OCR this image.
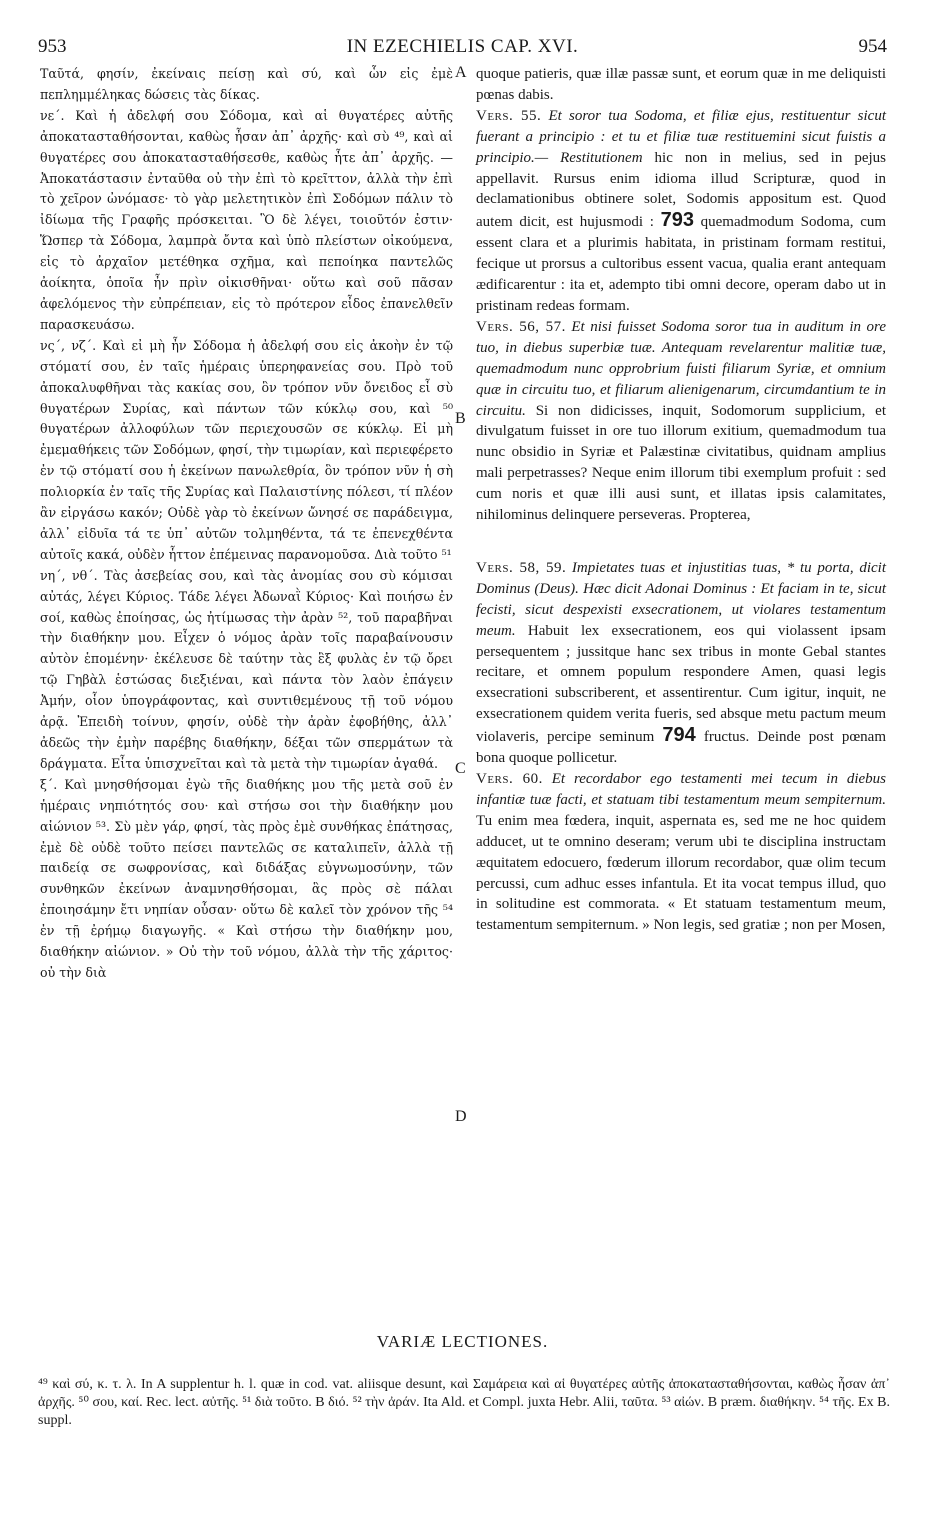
953	IN EZECHIELIS CAP. XVI.	954

Ταῦτά, φησίν, ἐκείναις πείσῃ καὶ σύ, καὶ ὧν εἰς ἐμὲ πεπλημμέληκας δώσεις τὰς δίκας.

νε΄. Καὶ ἡ ἀδελφή σου Σόδομα, καὶ αἱ θυγατέρες αὐτῆς ἀποκατασταθήσονται, καθὼς ἦσαν ἀπ᾽ ἀρχῆς· καὶ σὺ ⁴⁹, καὶ αἱ θυγατέρες σου ἀποκατασταθήσεσθε, καθὼς ἦτε ἀπ᾽ ἀρχῆς. — Ἀποκατάστασιν ἐνταῦθα οὐ τὴν ἐπὶ τὸ κρεῖττον, ἀλλὰ τὴν ἐπὶ τὸ χεῖρον ὠνόμασε· τὸ γὰρ μελετητικὸν ἐπὶ Σοδόμων πάλιν τὸ ἰδίωμα τῆς Γραφῆς πρόσκειται. Ὃ δὲ λέγει, τοιοῦτόν ἐστιν· Ὥσπερ τὰ Σόδομα, λαμπρὰ ὄντα καὶ ὑπὸ πλείστων οἰκούμενα, εἰς τὸ ἀρχαῖον μετέθηκα σχῆμα, καὶ πεποίηκα παντελῶς ἀοίκητα, ὁποῖα ἦν πρὶν οἰκισθῆναι· οὕτω καὶ σοῦ πᾶσαν ἀφελόμενος τὴν εὐπρέπειαν, εἰς τὸ πρότερον εἶδος ἐπανελθεῖν παρασκευάσω.

νς΄, νζ΄. Καὶ εἰ μὴ ἦν Σόδομα ἡ ἀδελφή σου εἰς ἀκοὴν ἐν τῷ στόματί σου, ἐν ταῖς ἡμέραις ὑπερηφανείας σου. Πρὸ τοῦ ἀποκαλυφθῆναι τὰς κακίας σου, ὃν τρόπον νῦν ὄνειδος εἶ σὺ θυγατέρων Συρίας, καὶ πάντων τῶν κύκλῳ σου, καὶ ⁵⁰ θυγατέρων ἀλλοφύλων τῶν περιεχουσῶν σε κύκλῳ. Εἰ μὴ ἐμεμαθήκεις τῶν Σοδόμων, φησί, τὴν τιμωρίαν, καὶ περιεφέρετο ἐν τῷ στόματί σου ἡ ἐκείνων πανωλεθρία, ὃν τρόπον νῦν ἡ σὴ πολιορκία ἐν ταῖς τῆς Συρίας καὶ Παλαιστίνης πόλεσι, τί πλέον ἂν εἰργάσω κακόν; Οὐδὲ γὰρ τὸ ἐκείνων ὤνησέ σε παράδειγμα, ἀλλ᾽ εἰδυῖα τά τε ὑπ᾽ αὐτῶν τολμηθέντα, τά τε ἐπενεχθέντα αὐτοῖς κακά, οὐδὲν ἧττον ἐπέμεινας παρανομοῦσα. Διὰ τοῦτο ⁵¹

νη΄, νθ΄. Τὰς ἀσεβείας σου, καὶ τὰς ἀνομίας σου σὺ κόμισαι αὐτάς, λέγει Κύριος. Τάδε λέγει Ἀδωναῒ Κύριος· Καὶ ποιήσω ἐν σοί, καθὼς ἐποίησας, ὡς ἠτίμωσας τὴν ἀρὰν ⁵², τοῦ παραβῆναι τὴν διαθήκην μου. Εἶχεν ὁ νόμος ἀρὰν τοῖς παραβαίνουσιν αὐτὸν ἑπομένην· ἐκέλευσε δὲ ταύτην τὰς ἓξ φυλὰς ἐν τῷ ὄρει τῷ Γηβὰλ ἑστώσας διεξιέναι, καὶ πάντα τὸν λαὸν ἐπάγειν Ἀμήν, οἷον ὑπογράφοντας, καὶ συντιθεμένους τῇ τοῦ νόμου ἀρᾷ. Ἐπειδὴ τοίνυν, φησίν, οὐδὲ τὴν ἀρὰν ἐφοβήθης, ἀλλ᾽ ἀδεῶς τὴν ἐμὴν παρέβης διαθήκην, δέξαι τῶν σπερμάτων τὰ δράγματα. Εἶτα ὑπισχνεῖται καὶ τὰ μετὰ τὴν τιμωρίαν ἀγαθά.

ξ΄. Καὶ μνησθήσομαι ἐγὼ τῆς διαθήκης μου τῆς μετὰ σοῦ ἐν ἡμέραις νηπιότητός σου· καὶ στήσω σοι τὴν διαθήκην μου αἰώνιον ⁵³. Σὺ μὲν γάρ, φησί, τὰς πρὸς ἐμὲ συνθήκας ἐπάτησας, ἐμὲ δὲ οὐδὲ τοῦτο πείσει παντελῶς σε καταλιπεῖν, ἀλλὰ τῇ παιδείᾳ σε σωφρονίσας, καὶ διδάξας εὐγνωμοσύνην, τῶν συνθηκῶν ἐκείνων ἀναμνησθήσομαι, ἃς πρὸς σὲ πάλαι ἐποιησάμην ἔτι νηπίαν οὖσαν· οὕτω δὲ καλεῖ τὸν χρόνον τῆς ⁵⁴ ἐν τῇ ἐρήμῳ διαγωγῆς. « Καὶ στήσω τὴν διαθήκην μου, διαθήκην αἰώνιον. » Οὐ τὴν τοῦ νόμου, ἀλλὰ τὴν τῆς χάριτος· οὐ τὴν διὰ

A
B
C
D

quoque patieris, quæ illæ passæ sunt, et eorum quæ in me deliquisti pœnas dabis.

Vers. 55. Et soror tua Sodoma, et filiæ ejus, restituentur sicut fuerant a principio : et tu et filiæ tuæ restituemini sicut fuistis a principio.— Restitutionem hic non in melius, sed in pejus appellavit. Rursus enim idioma illud Scripturæ, quod in declamationibus obtinere solet, Sodomis appositum est. Quod autem dicit, est hujusmodi : 793 quemadmodum Sodoma, cum essent clara et a plurimis habitata, in pristinam formam restitui, fecique ut prorsus a cultoribus essent vacua, qualia erant antequam ædificarentur : ita et, adempto tibi omni decore, operam dabo ut in pristinam redeas formam.

Vers. 56, 57. Et nisi fuisset Sodoma soror tua in auditum in ore tuo, in diebus superbiæ tuæ. Antequam revelarentur malitiæ tuæ, quemadmodum nunc opprobrium fuisti filiarum Syriæ, et omnium quæ in circuitu tuo, et filiarum alienigenarum, circumdantium te in circuitu. Si non didicisses, inquit, Sodomorum supplicium, et divulgatum fuisset in ore tuo illorum exitium, quemadmodum tua nunc obsidio in Syriæ et Palæstinæ civitatibus, quidnam amplius mali perpetrasses? Neque enim illorum tibi exemplum profuit : sed cum noris et quæ illi ausi sunt, et illatas ipsis calamitates, nihilominus delinquere perseveras. Propterea,

Vers. 58, 59. Impietates tuas et injustitias tuas, * tu porta, dicit Dominus (Deus). Hæc dicit Adonai Dominus : Et faciam in te, sicut fecisti, sicut despexisti exsecrationem, ut violares testamentum meum. Habuit lex exsecrationem, eos qui violassent ipsam persequentem ; jussitque hanc sex tribus in monte Gebal stantes recitare, et omnem populum respondere Amen, quasi legis exsecrationi subscriberent, et assentirentur. Cum igitur, inquit, ne exsecrationem quidem verita fueris, sed absque metu pactum meum violaveris, percipe seminum 794 fructus. Deinde post pœnam bona quoque pollicetur.

Vers. 60. Et recordabor ego testamenti mei tecum in diebus infantiæ tuæ facti, et statuam tibi testamentum meum sempiternum. Tu enim mea fœdera, inquit, aspernata es, sed me ne hoc quidem adducet, ut te omnino deseram; verum ubi te disciplina instructam æquitatem edocuero, fœderum illorum recordabor, quæ olim tecum percussi, cum adhuc esses infantula. Et ita vocat tempus illud, quo in solitudine est commorata. « Et statuam testamentum meum, testamentum sempiternum. » Non legis, sed gratiæ ; non per Mosen,

VARIÆ LECTIONES.

⁴⁹ καὶ σύ, κ. τ. λ. In A supplentur h. l. quæ in cod. vat. aliisque desunt, καὶ Σαμάρεια καὶ αἱ θυγατέρες αὐτῆς ἀποκατασταθήσονται, καθὼς ἦσαν ἀπ᾽ ἀρχῆς. ⁵⁰ σου, καί. Rec. lect. αὐτῆς. ⁵¹ διὰ τοῦτο. B διό. ⁵² τὴν ἀράν. Ita Ald. et Compl. juxta Hebr. Alii, ταῦτα. ⁵³ αἰών. B præm. διαθήκην. ⁵⁴ τῆς. Ex B. suppl.
